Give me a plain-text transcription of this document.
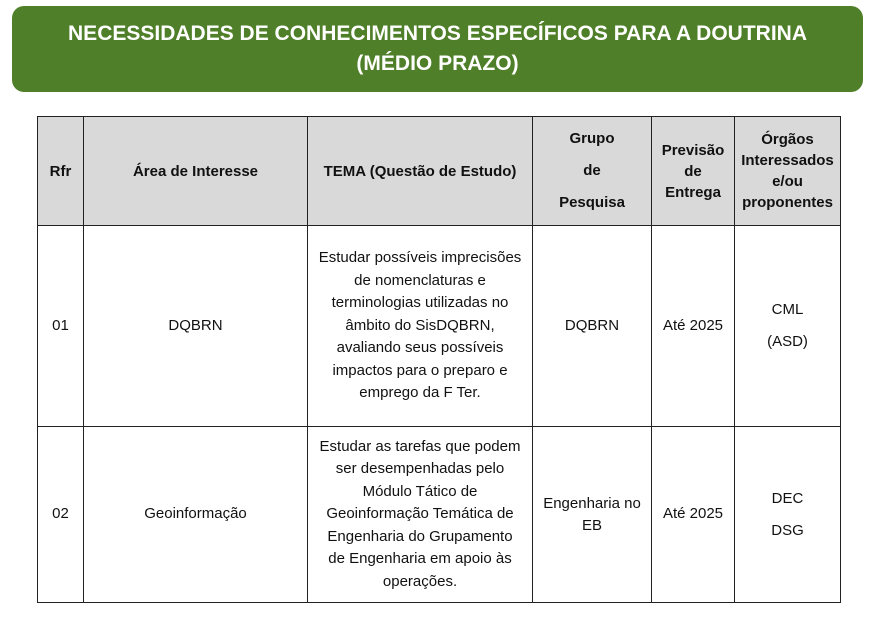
NECESSIDADES DE CONHECIMENTOS ESPECÍFICOS PARA A DOUTRINA
(MÉDIO PRAZO)
Rfr	Área de Interesse	TEMA (Questão de Estudo)	Grupo
de
Pesquisa	Previsão
de
Entrega	Órgãos
Interessados
e/ou
proponentes

01	DQBRN	Estudar possíveis imprecisões de nomenclaturas e terminologias utilizadas no âmbito do SisDQBRN, avaliando seus possíveis impactos para o preparo e emprego da F Ter.	DQBRN	Até 2025	CML
(ASD)

02	Geoinformação	Estudar as tarefas que podem ser desempenhadas pelo Módulo Tático de Geoinformação Temática de Engenharia do Grupamento de Engenharia em apoio às operações.	Engenharia no
EB	Até 2025	DEC
DSG
